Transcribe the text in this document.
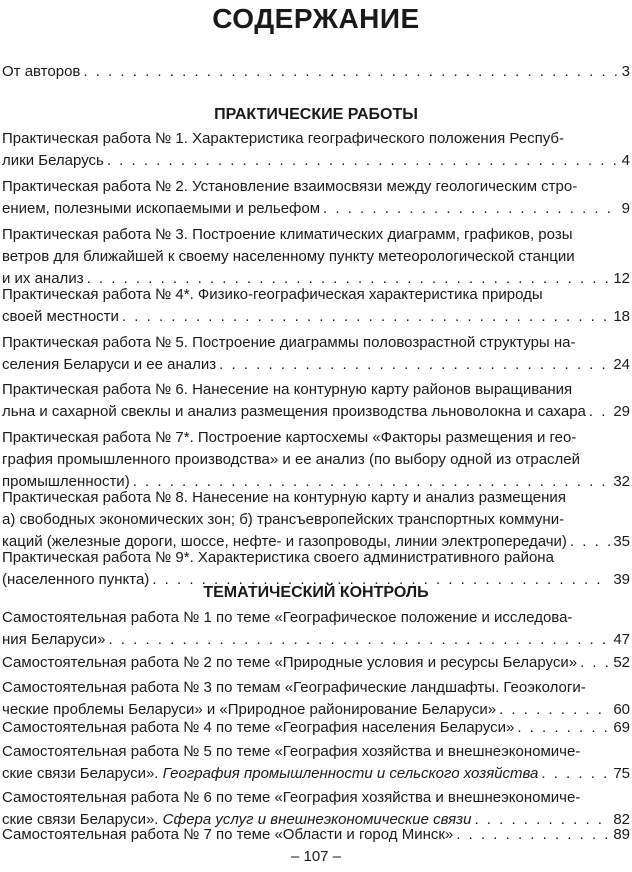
СОДЕРЖАНИЕ
От авторов . . .	3
ПРАКТИЧЕСКИЕ РАБОТЫ
Практическая работа № 1. Характеристика географического положения Респуб-
лики Беларусь . . .	4
Практическая работа № 2. Установление взаимосвязи между геологическим стро-
ением, полезными ископаемыми и рельефом . . .	9
Практическая работа № 3. Построение климатических диаграмм, графиков, розы
ветров для ближайшей к своему населенному пункту метеорологической станции
и их анализ . . .	12
Практическая работа № 4*. Физико-географическая характеристика природы
своей местности . . .	18
Практическая работа № 5. Построение диаграммы половозрастной структуры на-
селения Беларуси и ее анализ . . .	24
Практическая работа № 6. Нанесение на контурную карту районов выращивания
льна и сахарной свеклы и анализ размещения производства льноволокна и сахара . . . 29
Практическая работа № 7*. Построение картосхемы «Факторы размещения и гео-
графия промышленного производства» и ее анализ (по выбору одной из отраслей
промышленности) . . .	32
Практическая работа № 8. Нанесение на контурную карту и анализ размещения
а) свободных экономических зон; б) трансъевропейских транспортных коммуни-
каций (железные дороги, шоссе, нефте- и газопроводы, линии электропередачи) . . .	35
Практическая работа № 9*. Характеристика своего административного района
(населенного пункта) . . .	39
ТЕМАТИЧЕСКИЙ КОНТРОЛЬ
Самостоятельная работа № 1 по теме «Географическое положение и исследова-
ния Беларуси» . . .	47
Самостоятельная работа № 2 по теме «Природные условия и ресурсы Беларуси» . . . 52
Самостоятельная работа № 3 по темам «Географические ландшафты. Геоэкологи-
ческие проблемы Беларуси» и «Природное районирование Беларуси» . . .	60
Самостоятельная работа № 4 по теме «География населения Беларуси» . . .	69
Самостоятельная работа № 5 по теме «География хозяйства и внешнеэкономиче-
ские связи Беларуси». География промышленности и сельского хозяйства . . .	75
Самостоятельная работа № 6 по теме «География хозяйства и внешнеэкономиче-
ские связи Беларуси». Сфера услуг и внешнеэкономические связи . . .	82
Самостоятельная работа № 7 по теме «Области и город Минск» . . .	89
– 107 –
